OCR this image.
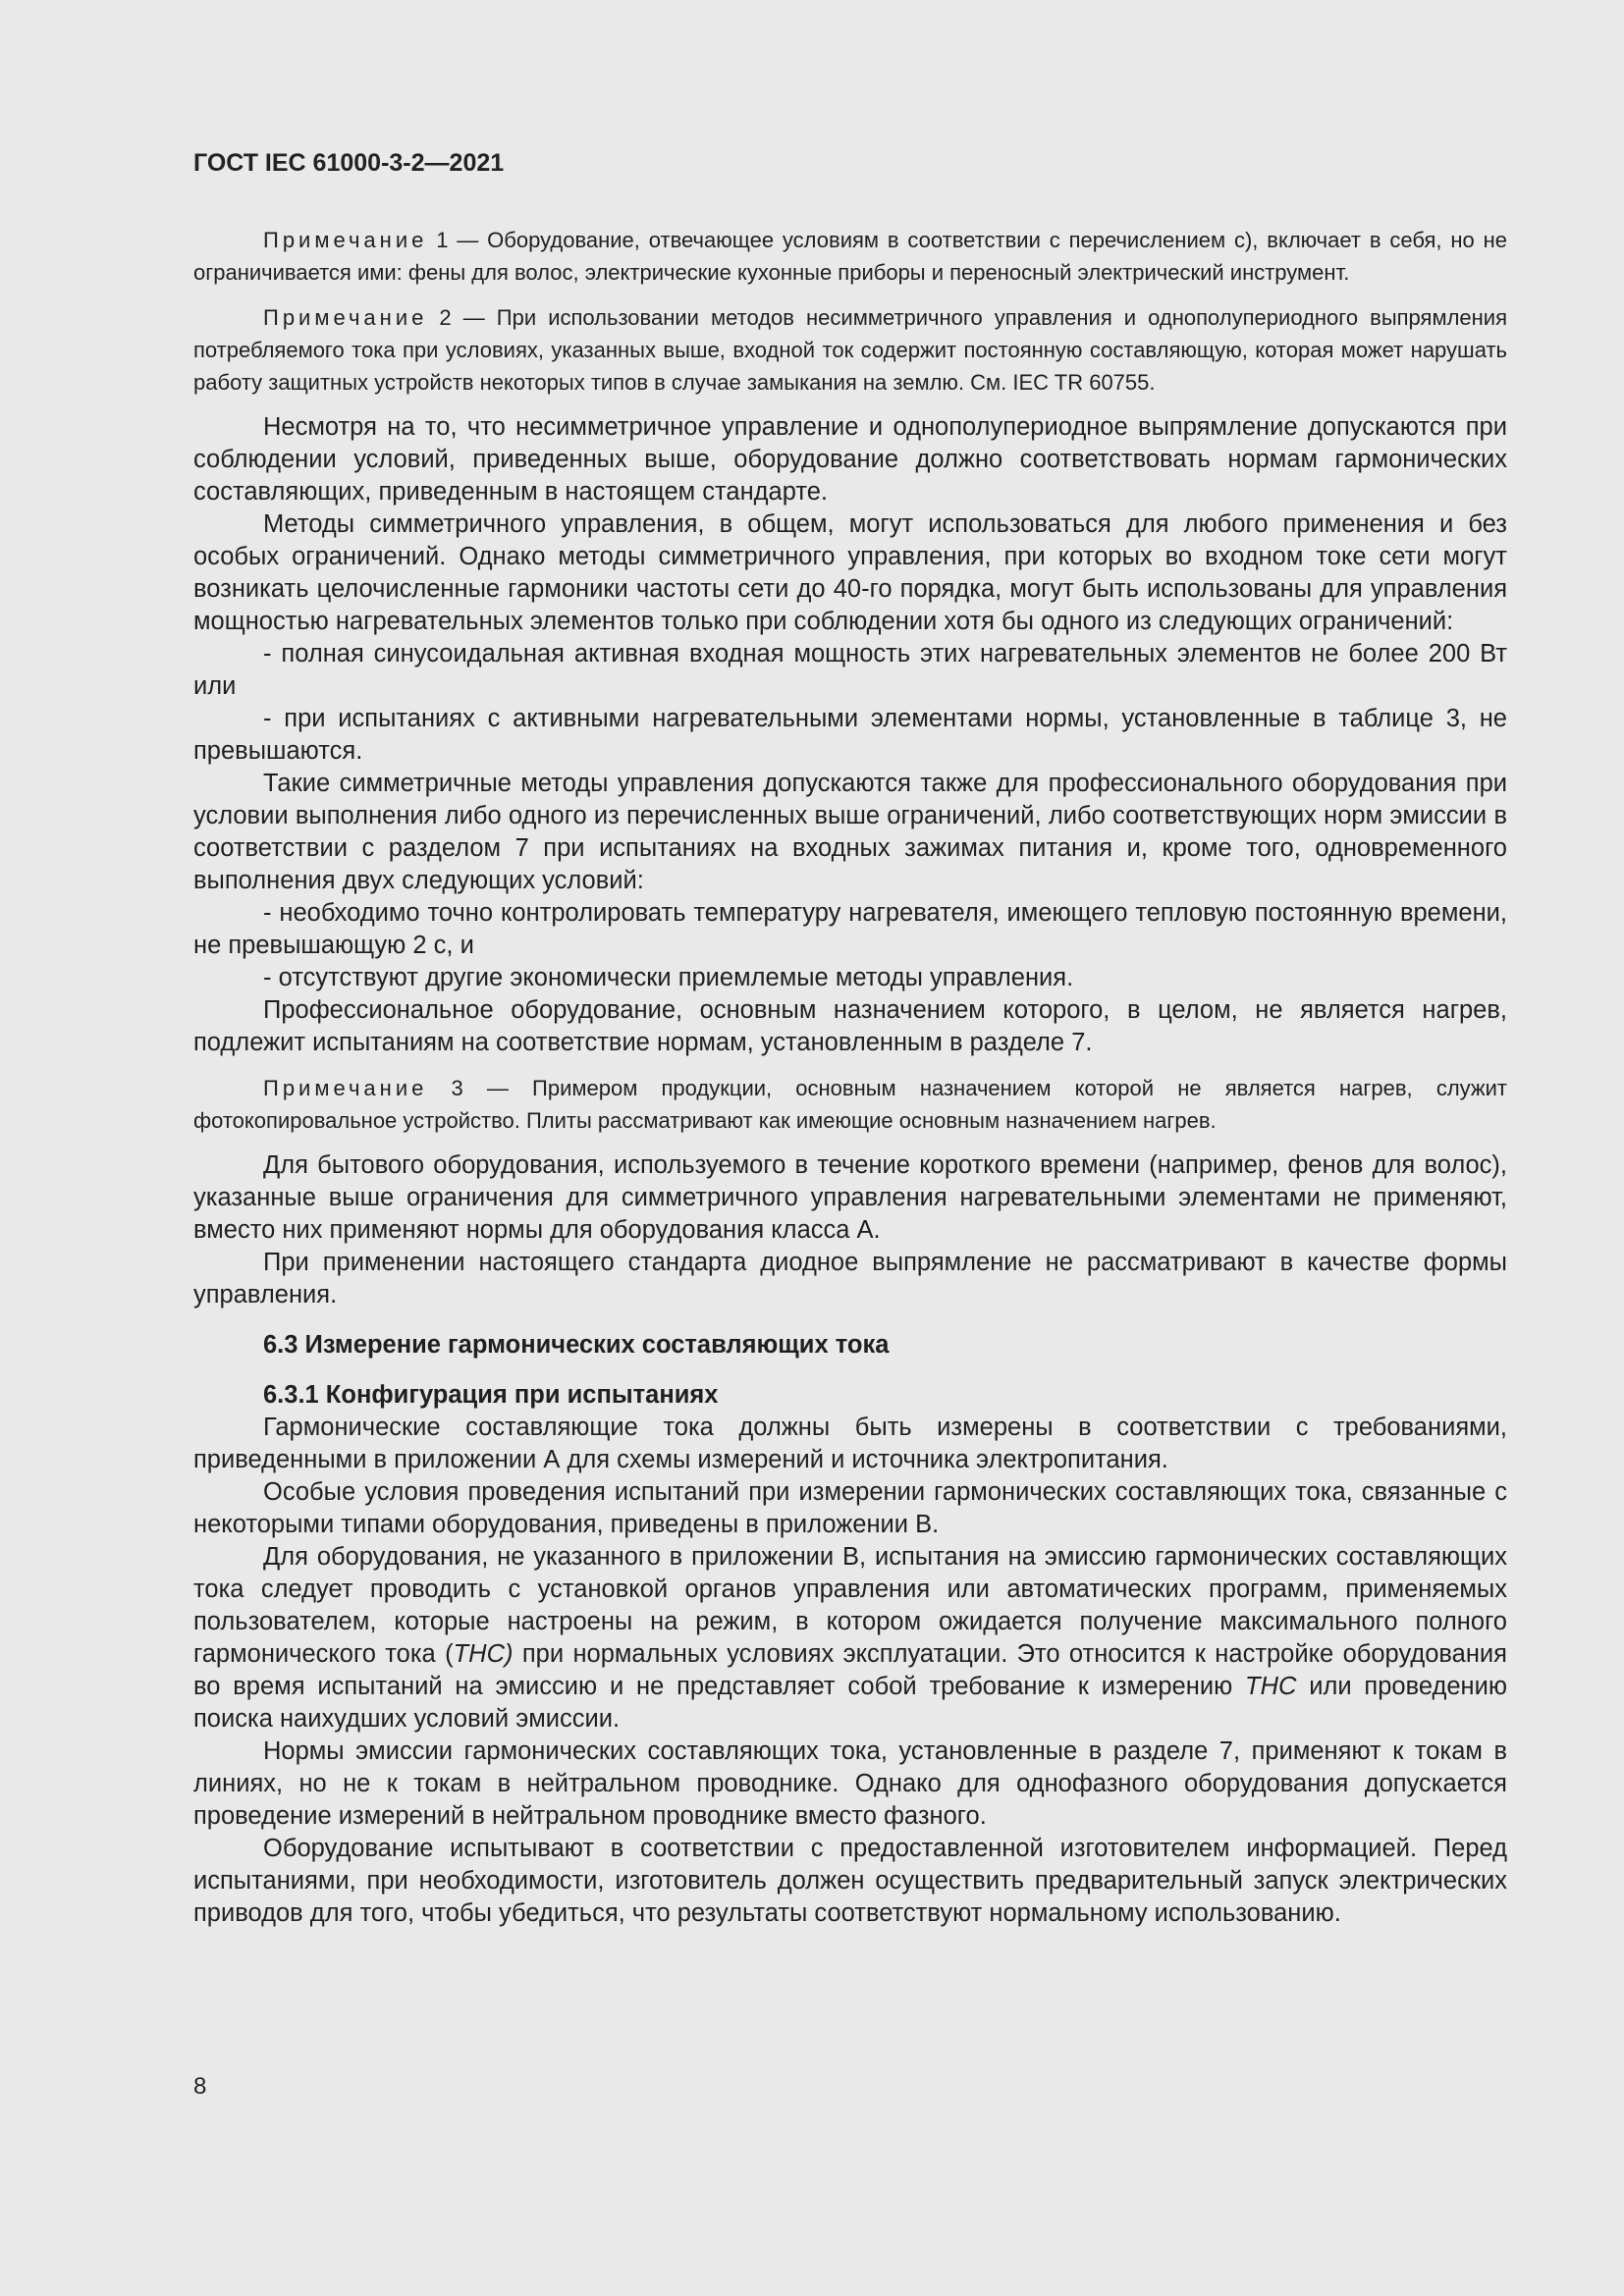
ГОСТ IEC 61000-3-2—2021

Примечание 1 — Оборудование, отвечающее условиям в соответствии с перечислением с), включает в себя, но не ограничивается ими: фены для волос, электрические кухонные приборы и переносный электрический инструмент.

Примечание 2 — При использовании методов несимметричного управления и однополупериодного выпрямления потребляемого тока при условиях, указанных выше, входной ток содержит постоянную составляющую, которая может нарушать работу защитных устройств некоторых типов в случае замыкания на землю. См. IEC TR 60755.

Несмотря на то, что несимметричное управление и однополупериодное выпрямление допускаются при соблюдении условий, приведенных выше, оборудование должно соответствовать нормам гармонических составляющих, приведенным в настоящем стандарте.

Методы симметричного управления, в общем, могут использоваться для любого применения и без особых ограничений. Однако методы симметричного управления, при которых во входном токе сети могут возникать целочисленные гармоники частоты сети до 40-го порядка, могут быть использованы для управления мощностью нагревательных элементов только при соблюдении хотя бы одного из следующих ограничений:

- полная синусоидальная активная входная мощность этих нагревательных элементов не более 200 Вт или

- при испытаниях с активными нагревательными элементами нормы, установленные в таблице 3, не превышаются.

Такие симметричные методы управления допускаются также для профессионального оборудования при условии выполнения либо одного из перечисленных выше ограничений, либо соответствующих норм эмиссии в соответствии с разделом 7 при испытаниях на входных зажимах питания и, кроме того, одновременного выполнения двух следующих условий:

- необходимо точно контролировать температуру нагревателя, имеющего тепловую постоянную времени, не превышающую 2 с, и

- отсутствуют другие экономически приемлемые методы управления.

Профессиональное оборудование, основным назначением которого, в целом, не является нагрев, подлежит испытаниям на соответствие нормам, установленным в разделе 7.

Примечание 3 — Примером продукции, основным назначением которой не является нагрев, служит фотокопировальное устройство. Плиты рассматривают как имеющие основным назначением нагрев.

Для бытового оборудования, используемого в течение короткого времени (например, фенов для волос), указанные выше ограничения для симметричного управления нагревательными элементами не применяют, вместо них применяют нормы для оборудования класса А.

При применении настоящего стандарта диодное выпрямление не рассматривают в качестве формы управления.

6.3 Измерение гармонических составляющих тока

6.3.1 Конфигурация при испытаниях

Гармонические составляющие тока должны быть измерены в соответствии с требованиями, приведенными в приложении А для схемы измерений и источника электропитания.

Особые условия проведения испытаний при измерении гармонических составляющих тока, связанные с некоторыми типами оборудования, приведены в приложении В.

Для оборудования, не указанного в приложении В, испытания на эмиссию гармонических составляющих тока следует проводить с установкой органов управления или автоматических программ, применяемых пользователем, которые настроены на режим, в котором ожидается получение максимального полного гармонического тока (THC) при нормальных условиях эксплуатации. Это относится к настройке оборудования во время испытаний на эмиссию и не представляет собой требование к измерению THC или проведению поиска наихудших условий эмиссии.

Нормы эмиссии гармонических составляющих тока, установленные в разделе 7, применяют к токам в линиях, но не к токам в нейтральном проводнике. Однако для однофазного оборудования допускается проведение измерений в нейтральном проводнике вместо фазного.

Оборудование испытывают в соответствии с предоставленной изготовителем информацией. Перед испытаниями, при необходимости, изготовитель должен осуществить предварительный запуск электрических приводов для того, чтобы убедиться, что результаты соответствуют нормальному использованию.

8
